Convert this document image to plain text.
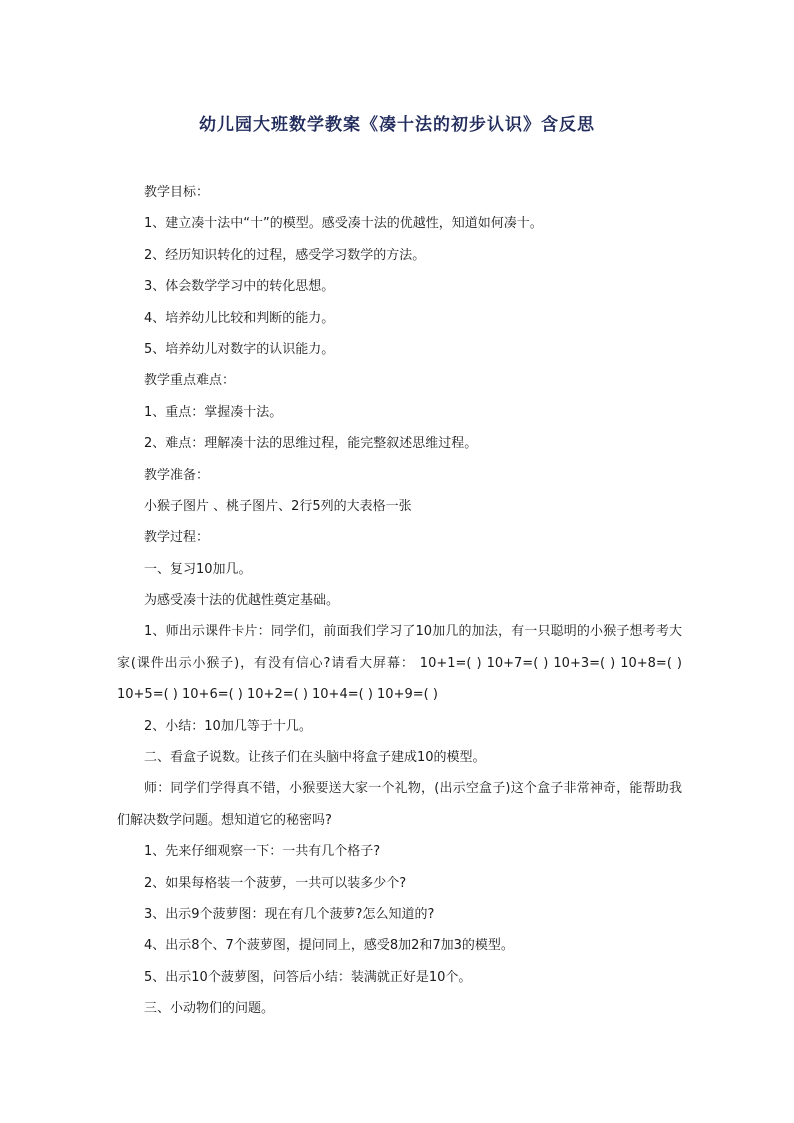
幼儿园大班数学教案《凑十法的初步认识》含反思
教学目标：
1、建立凑十法中“十”的模型。感受凑十法的优越性，知道如何凑十。
2、经历知识转化的过程，感受学习数学的方法。
3、体会数学学习中的转化思想。
4、培养幼儿比较和判断的能力。
5、培养幼儿对数字的认识能力。
教学重点难点：
1、重点：掌握凑十法。
2、难点：理解凑十法的思维过程，能完整叙述思维过程。
教学准备：
小猴子图片 、桃子图片、2行5列的大表格一张
教学过程：
一、复习10加几。
为感受凑十法的优越性奠定基础。
1、师出示课件卡片：同学们，前面我们学习了10加几的加法，有一只聪明的小猴子想考考大家(课件出示小猴子)，有没有信心?请看大屏幕： 10+1=( ) 10+7=( ) 10+3=( ) 10+8=( ) 10+5=( ) 10+6=( ) 10+2=( ) 10+4=( ) 10+9=( )
2、小结：10加几等于十几。
二、看盒子说数。让孩子们在头脑中将盒子建成10的模型。
师：同学们学得真不错，小猴要送大家一个礼物，(出示空盒子)这个盒子非常神奇，能帮助我们解决数学问题。想知道它的秘密吗?
1、先来仔细观察一下：一共有几个格子?
2、如果每格装一个菠萝，一共可以装多少个?
3、出示9个菠萝图：现在有几个菠萝?怎么知道的?
4、出示8个、7个菠萝图，提问同上，感受8加2和7加3的模型。
5、出示10个菠萝图，问答后小结：装满就正好是10个。
三、小动物们的问题。
